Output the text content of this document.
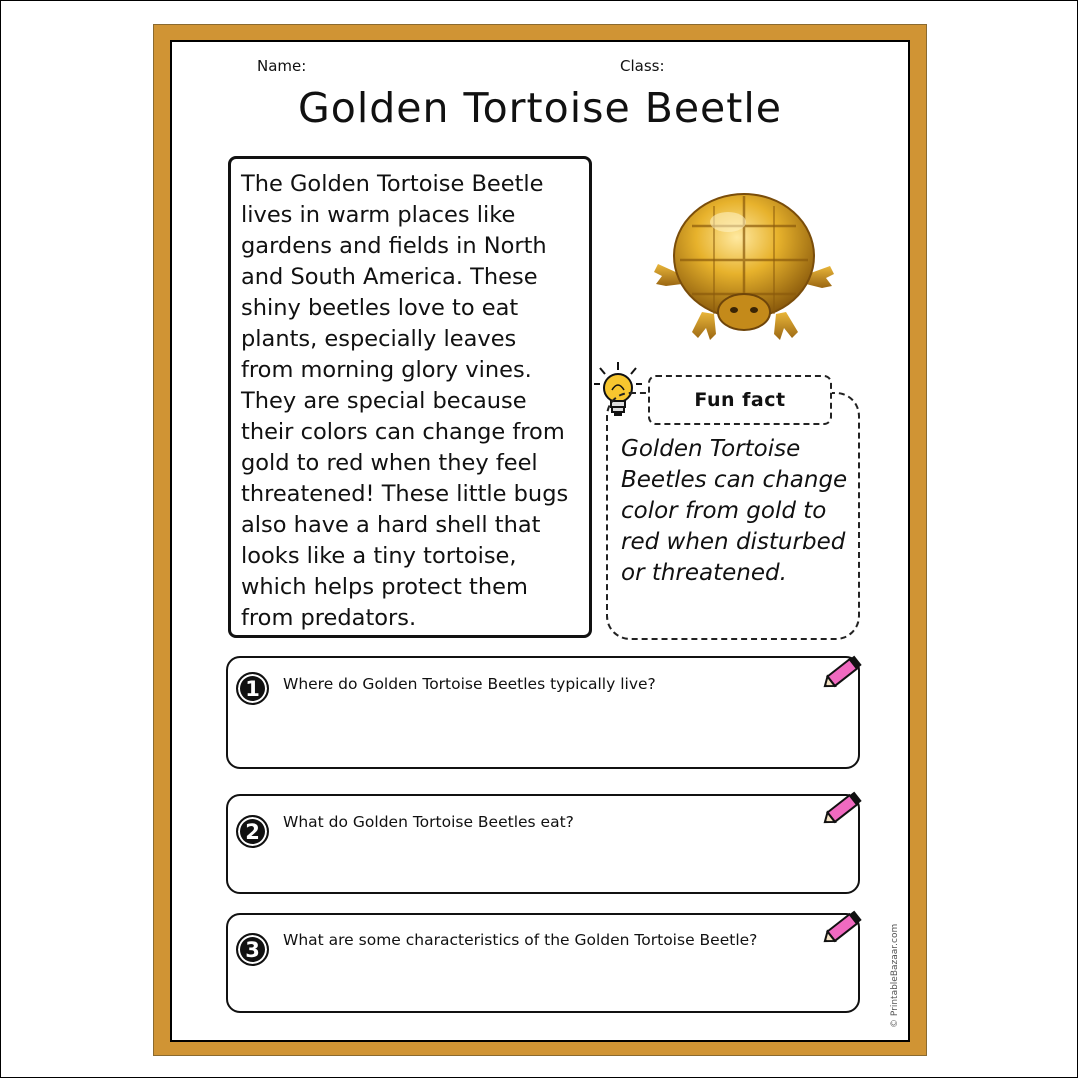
Name:	Class:
Golden Tortoise Beetle
The Golden Tortoise Beetle
lives in warm places like
gardens and fields in North
and South America. These
shiny beetles love to eat
plants, especially leaves
from morning glory vines.
They are special because
their colors can change from
gold to red when they feel
threatened! These little bugs
also have a hard shell that
looks like a tiny tortoise,
which helps protect them
from predators.
Fun fact
Golden Tortoise
Beetles can change
color from gold to
red when disturbed
or threatened.
1	Where do Golden Tortoise Beetles typically live?
2	What do Golden Tortoise Beetles eat?
3	What are some characteristics of the Golden Tortoise Beetle?	© PrintableBazaar.com
